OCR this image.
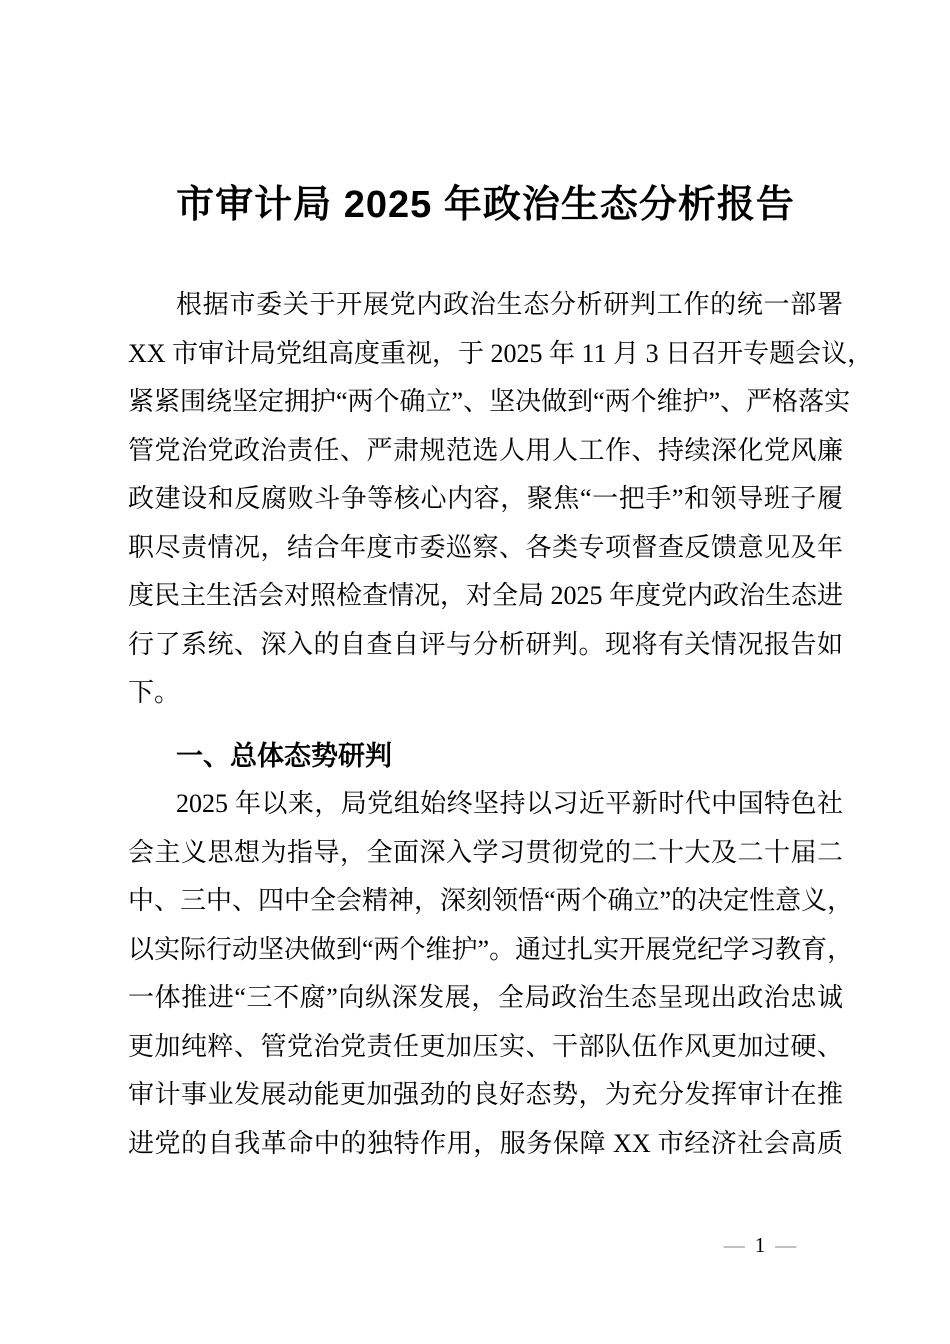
市审计局 2025 年政治生态分析报告
根据市委关于开展党内政治生态分析研判工作的统一部署
XX 市审计局党组高度重视，于 2025 年 11 月 3 日召开专题会议，
紧紧围绕坚定拥护“两个确立”、坚决做到“两个维护”、严格落实
管党治党政治责任、严肃规范选人用人工作、持续深化党风廉
政建设和反腐败斗争等核心内容，聚焦“一把手”和领导班子履
职尽责情况，结合年度市委巡察、各类专项督查反馈意见及年
度民主生活会对照检查情况，对全局 2025 年度党内政治生态进
行了系统、深入的自查自评与分析研判。现将有关情况报告如
下。
一、总体态势研判
2025 年以来，局党组始终坚持以习近平新时代中国特色社
会主义思想为指导，全面深入学习贯彻党的二十大及二十届二
中、三中、四中全会精神，深刻领悟“两个确立”的决定性意义，
以实际行动坚决做到“两个维护”。通过扎实开展党纪学习教育，
一体推进“三不腐”向纵深发展，全局政治生态呈现出政治忠诚
更加纯粹、管党治党责任更加压实、干部队伍作风更加过硬、
审计事业发展动能更加强劲的良好态势，为充分发挥审计在推
进党的自我革命中的独特作用，服务保障 XX 市经济社会高质
— 1 —
